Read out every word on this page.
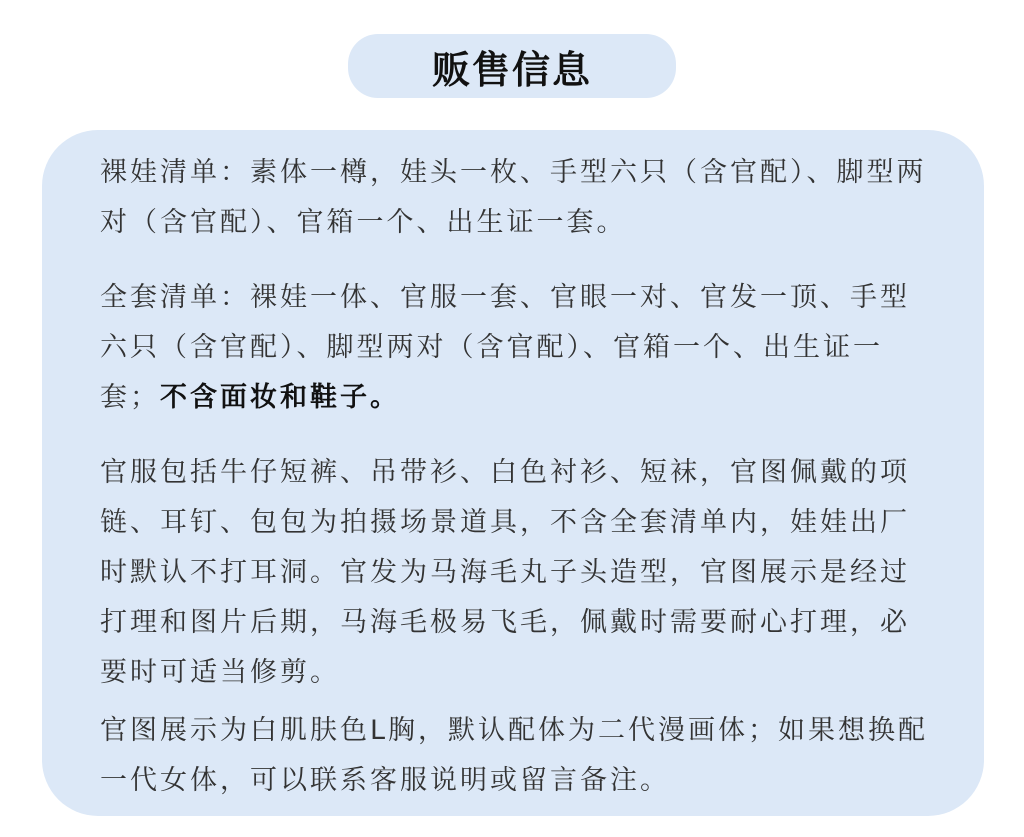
贩售信息

裸娃清单：素体一樽，娃头一枚、手型六只（含官配）、脚型两对（含官配）、官箱一个、出生证一套。

全套清单：裸娃一体、官服一套、官眼一对、官发一顶、手型六只（含官配）、脚型两对（含官配）、官箱一个、出生证一套；不含面妆和鞋子。

官服包括牛仔短裤、吊带衫、白色衬衫、短袜，官图佩戴的项链、耳钉、包包为拍摄场景道具，不含全套清单内，娃娃出厂时默认不打耳洞。官发为马海毛丸子头造型，官图展示是经过打理和图片后期，马海毛极易飞毛，佩戴时需要耐心打理，必要时可适当修剪。

官图展示为白肌肤色L胸，默认配体为二代漫画体；如果想换配一代女体，可以联系客服说明或留言备注。
